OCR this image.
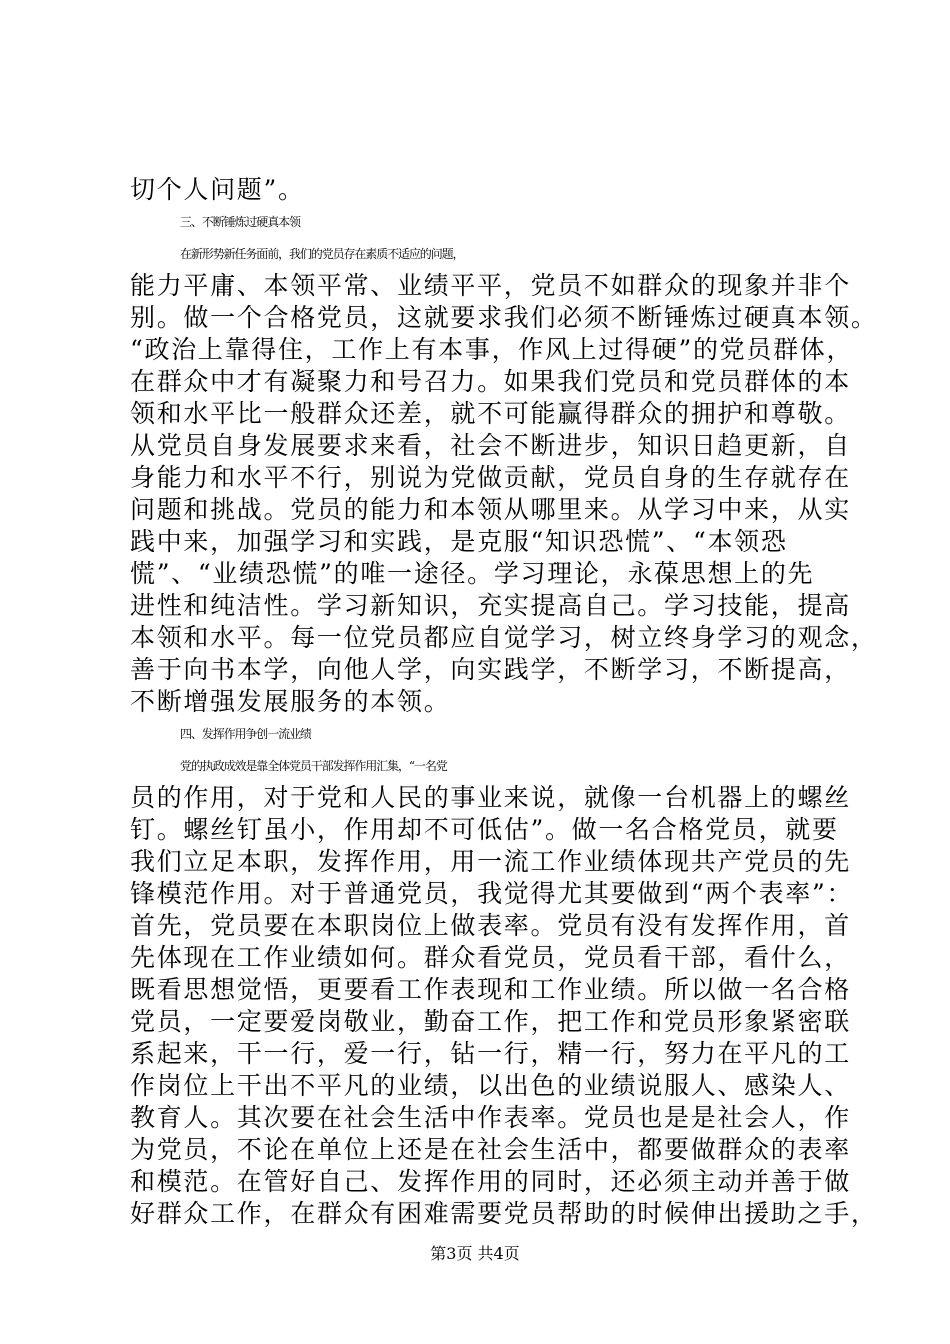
切个人问题”。
三、不断锤炼过硬真本领
在新形势新任务面前，我们的党员存在素质不适应的问题，
能力平庸、本领平常、业绩平平，党员不如群众的现象并非个
别。做一个合格党员，这就要求我们必须不断锤炼过硬真本领。
“政治上靠得住，工作上有本事，作风上过得硬”的党员群体，
在群众中才有凝聚力和号召力。如果我们党员和党员群体的本
领和水平比一般群众还差，就不可能赢得群众的拥护和尊敬。
从党员自身发展要求来看，社会不断进步，知识日趋更新，自
身能力和水平不行，别说为党做贡献，党员自身的生存就存在
问题和挑战。党员的能力和本领从哪里来。从学习中来，从实
践中来，加强学习和实践，是克服“知识恐慌”、“本领恐
慌”、“业绩恐慌”的唯一途径。学习理论，永葆思想上的先
进性和纯洁性。学习新知识，充实提高自己。学习技能，提高
本领和水平。每一位党员都应自觉学习，树立终身学习的观念，
善于向书本学，向他人学，向实践学，不断学习，不断提高，
不断增强发展服务的本领。
四、发挥作用争创一流业绩
党的执政成效是靠全体党员干部发挥作用汇集，“一名党
员的作用，对于党和人民的事业来说，就像一台机器上的螺丝
钉。螺丝钉虽小，作用却不可低估”。做一名合格党员，就要
我们立足本职，发挥作用，用一流工作业绩体现共产党员的先
锋模范作用。对于普通党员，我觉得尤其要做到“两个表率”：
首先，党员要在本职岗位上做表率。党员有没有发挥作用，首
先体现在工作业绩如何。群众看党员，党员看干部，看什么，
既看思想觉悟，更要看工作表现和工作业绩。所以做一名合格
党员，一定要爱岗敬业，勤奋工作，把工作和党员形象紧密联
系起来，干一行，爱一行，钻一行，精一行，努力在平凡的工
作岗位上干出不平凡的业绩，以出色的业绩说服人、感染人、
教育人。其次要在社会生活中作表率。党员也是是社会人，作
为党员，不论在单位上还是在社会生活中，都要做群众的表率
和模范。在管好自己、发挥作用的同时，还必须主动并善于做
好群众工作，在群众有困难需要党员帮助的时候伸出援助之手，
第3页 共4页
